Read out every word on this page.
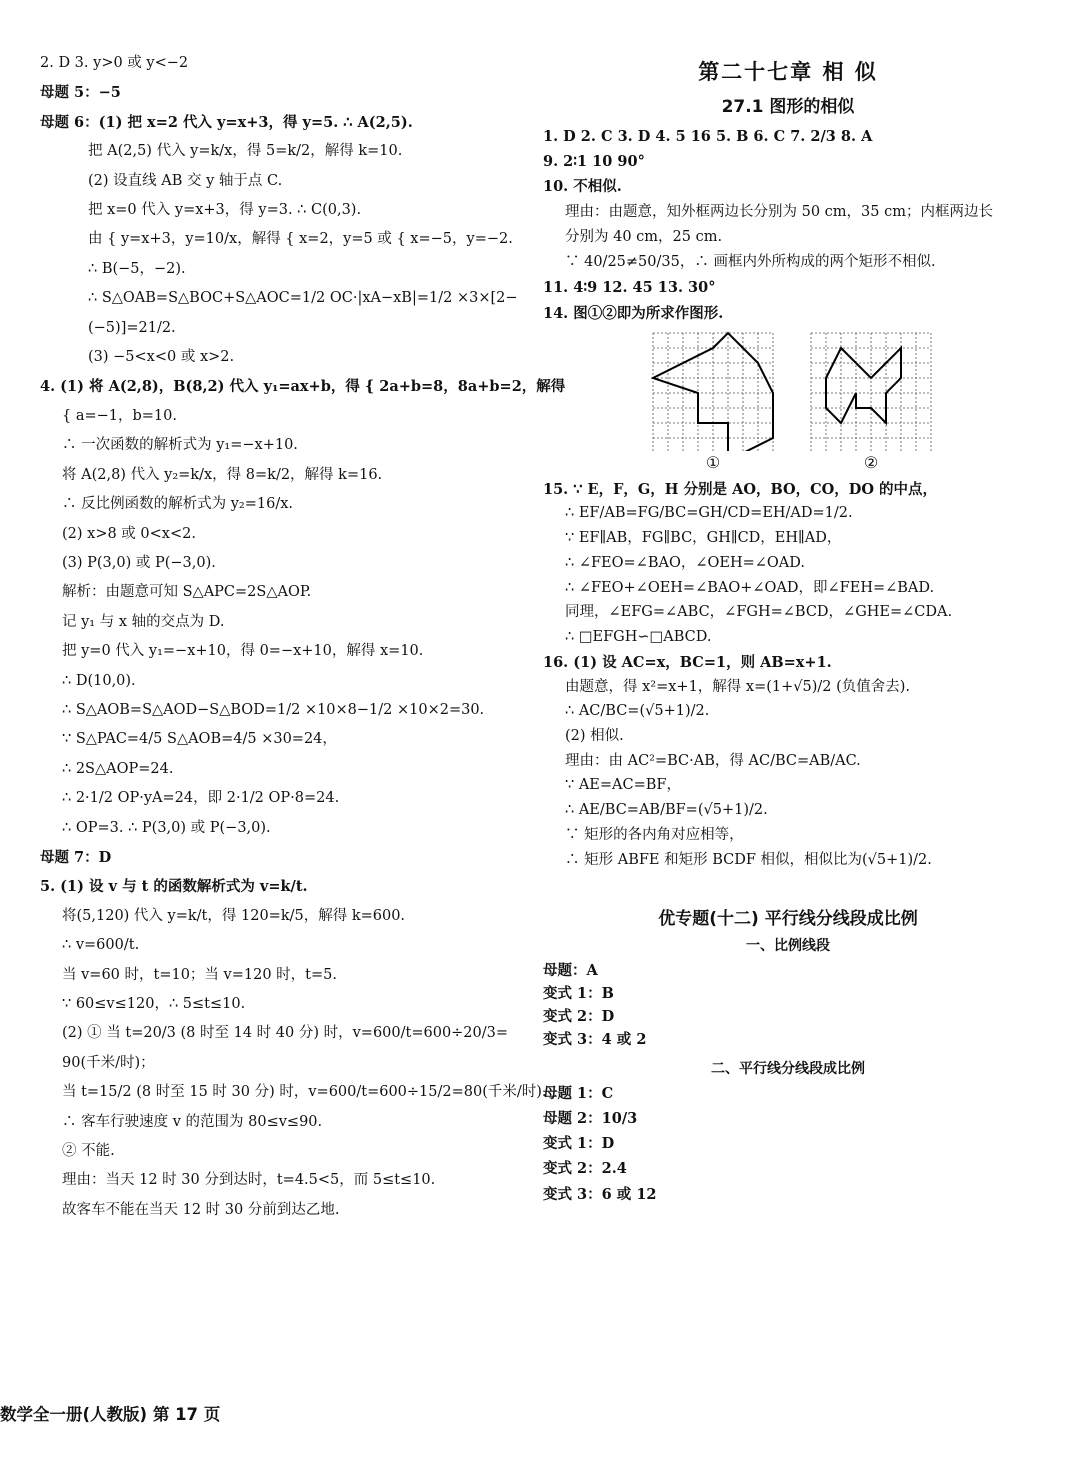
2. D 3. y>0 或 y<−2
母题 5：−5
母题 6：(1) 把 x=2 代入 y=x+3，得 y=5. ∴ A(2,5).
把 A(2,5) 代入 y=k/x，得 5=k/2，解得 k=10.
(2) 设直线 AB 交 y 轴于点 C.
把 x=0 代入 y=x+3，得 y=3. ∴ C(0,3).
由 { y=x+3，y=10/x，解得 { x=2，y=5 或 { x=−5，y=−2.
∴ B(−5，−2).
∴ S△OAB=S△BOC+S△AOC=1/2 OC·|xA−xB|=1/2 ×3×[2−
(−5)]=21/2.
(3) −5<x<0 或 x>2.
4. (1) 将 A(2,8)，B(8,2) 代入 y₁=ax+b，得 { 2a+b=8，8a+b=2，解得
{ a=−1，b=10.
∴ 一次函数的解析式为 y₁=−x+10.
将 A(2,8) 代入 y₂=k/x，得 8=k/2，解得 k=16.
∴ 反比例函数的解析式为 y₂=16/x.
(2) x>8 或 0<x<2.
(3) P(3,0) 或 P(−3,0).
解析：由题意可知 S△APC=2S△AOP.
记 y₁ 与 x 轴的交点为 D.
把 y=0 代入 y₁=−x+10，得 0=−x+10，解得 x=10.
∴ D(10,0).
∴ S△AOB=S△AOD−S△BOD=1/2 ×10×8−1/2 ×10×2=30.
∵ S△PAC=4/5 S△AOB=4/5 ×30=24，
∴ 2S△AOP=24.
∴ 2·1/2 OP·yA=24，即 2·1/2 OP·8=24.
∴ OP=3. ∴ P(3,0) 或 P(−3,0).
母题 7：D
5. (1) 设 v 与 t 的函数解析式为 v=k/t.
将(5,120) 代入 y=k/t，得 120=k/5，解得 k=600.
∴ v=600/t.
当 v=60 时，t=10；当 v=120 时，t=5.
∵ 60≤v≤120，∴ 5≤t≤10.
(2) ① 当 t=20/3 (8 时至 14 时 40 分) 时，v=600/t=600÷20/3=
90(千米/时)；
当 t=15/2 (8 时至 15 时 30 分) 时，v=600/t=600÷15/2=80(千米/时).
∴ 客车行驶速度 v 的范围为 80≤v≤90.
② 不能.
理由：当天 12 时 30 分到达时，t=4.5<5，而 5≤t≤10.
故客车不能在当天 12 时 30 分前到达乙地.
第二十七章 相 似
27.1 图形的相似
1. D 2. C 3. D 4. 5 16 5. B 6. C 7. 2/3 8. A
9. 2∶1 10 90°
10. 不相似.
理由：由题意，知外框两边长分别为 50 cm，35 cm；内框两边长
分别为 40 cm，25 cm.
∵ 40/25≠50/35，∴ 画框内外所构成的两个矩形不相似.
11. 4∶9 12. 45 13. 30°
14. 图①②即为所求作图形.
①	②
15. ∵ E，F，G，H 分别是 AO，BO，CO，DO 的中点，
∴ EF/AB=FG/BC=GH/CD=EH/AD=1/2.
∵ EF∥AB，FG∥BC，GH∥CD，EH∥AD，
∴ ∠FEO=∠BAO，∠OEH=∠OAD.
∴ ∠FEO+∠OEH=∠BAO+∠OAD，即∠FEH=∠BAD.
同理，∠EFG=∠ABC，∠FGH=∠BCD，∠GHE=∠CDA.
∴ □EFGH∽□ABCD.
16. (1) 设 AC=x，BC=1，则 AB=x+1.
由题意，得 x²=x+1，解得 x=(1+√5)/2 (负值舍去).
∴ AC/BC=(√5+1)/2.
(2) 相似.
理由：由 AC²=BC·AB，得 AC/BC=AB/AC.
∵ AE=AC=BF，
∴ AE/BC=AB/BF=(√5+1)/2.
∵ 矩形的各内角对应相等，
∴ 矩形 ABFE 和矩形 BCDF 相似，相似比为(√5+1)/2.
优专题(十二) 平行线分线段成比例
一、比例线段
母题：A
变式 1：B
变式 2：D
变式 3：4 或 2
二、平行线分线段成比例
母题 1：C
母题 2：10/3
变式 1：D
变式 2：2.4
变式 3：6 或 12
数学全一册(人教版) 第 17 页
